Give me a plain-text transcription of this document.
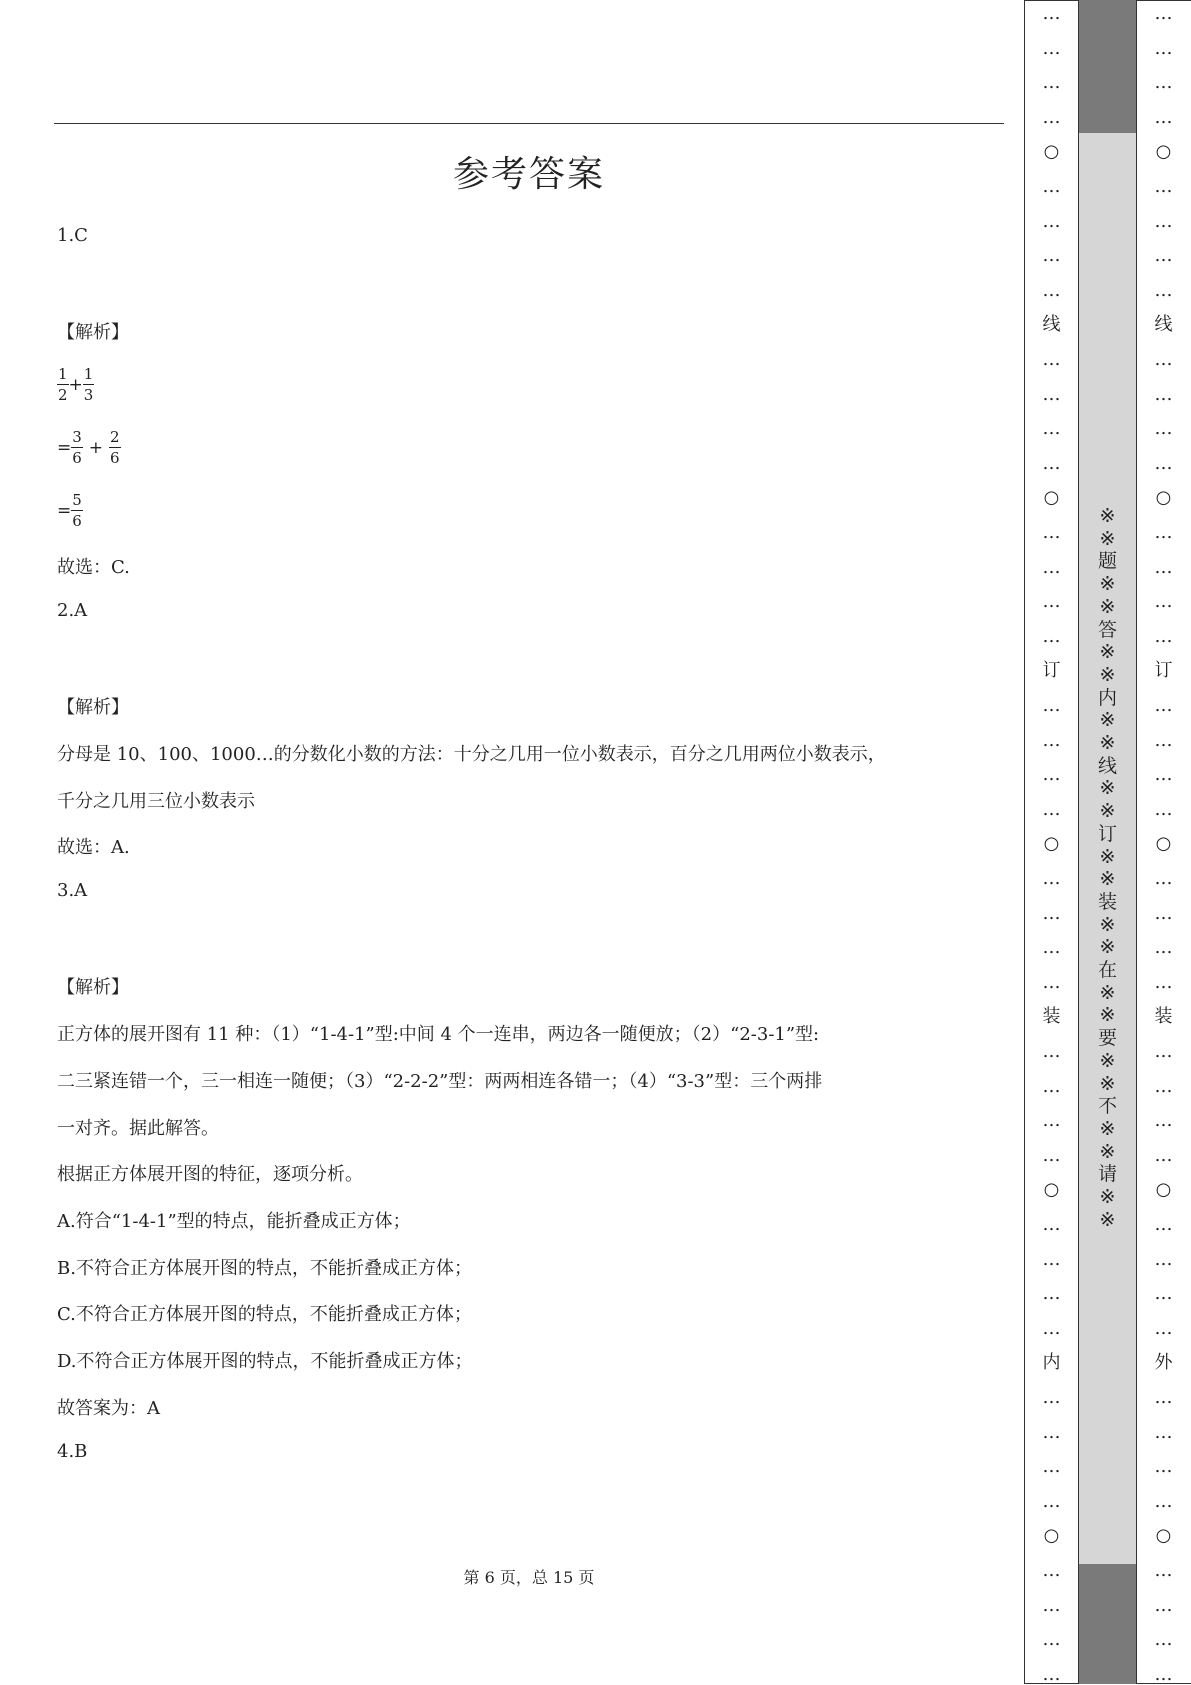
参考答案
1.C
【解析】
$\frac{1}{2} + \frac{1}{3}$
= $\frac{3}{6} + \frac{2}{6}$
= $\frac{5}{6}$
故选：C.
2.A
【解析】
分母是 10、100、1000…的分数化小数的方法：十分之几用一位小数表示，百分之几用两位小数表示，
千分之几用三位小数表示
故选：A.
3.A
【解析】
正方体的展开图有 11 种：（1）“1-4-1”型:中间 4 个一连串，两边各一随便放；（2）“2-3-1”型:
二三紧连错一个，三一相连一随便；（3）“2-2-2”型：两两相连各错一；（4）“3-3”型：三个两排
一对齐。据此解答。
根据正方体展开图的特征，逐项分析。
A.符合“1-4-1”型的特点，能折叠成正方体；
B.不符合正方体展开图的特点，不能折叠成正方体；
C.不符合正方体展开图的特点，不能折叠成正方体；
D.不符合正方体展开图的特点，不能折叠成正方体；
故答案为：A
4.B
第 6 页，总 15 页
…
…
…
…
○
…
…
…
…
线
…
…
…
…
○
…
…
…
…
订
…
…
…
…
○
…
…
…
…
装
…
…
…
…
○
…
…
…
…
内
…
…
…
…
○
…
…
…
…
…
…
…
…
○
…
…
…
…
线
…
…
…
…
○
…
…
…
…
订
…
…
…
…
○
…
…
…
…
装
…
…
…
…
○
…
…
…
…
外
…
…
…
…
○
…
…
…
…
※
※
题
※
※
答
※
※
内
※
※
线
※
※
订
※
※
装
※
※
在
※
※
要
※
※
不
※
※
请
※
※
